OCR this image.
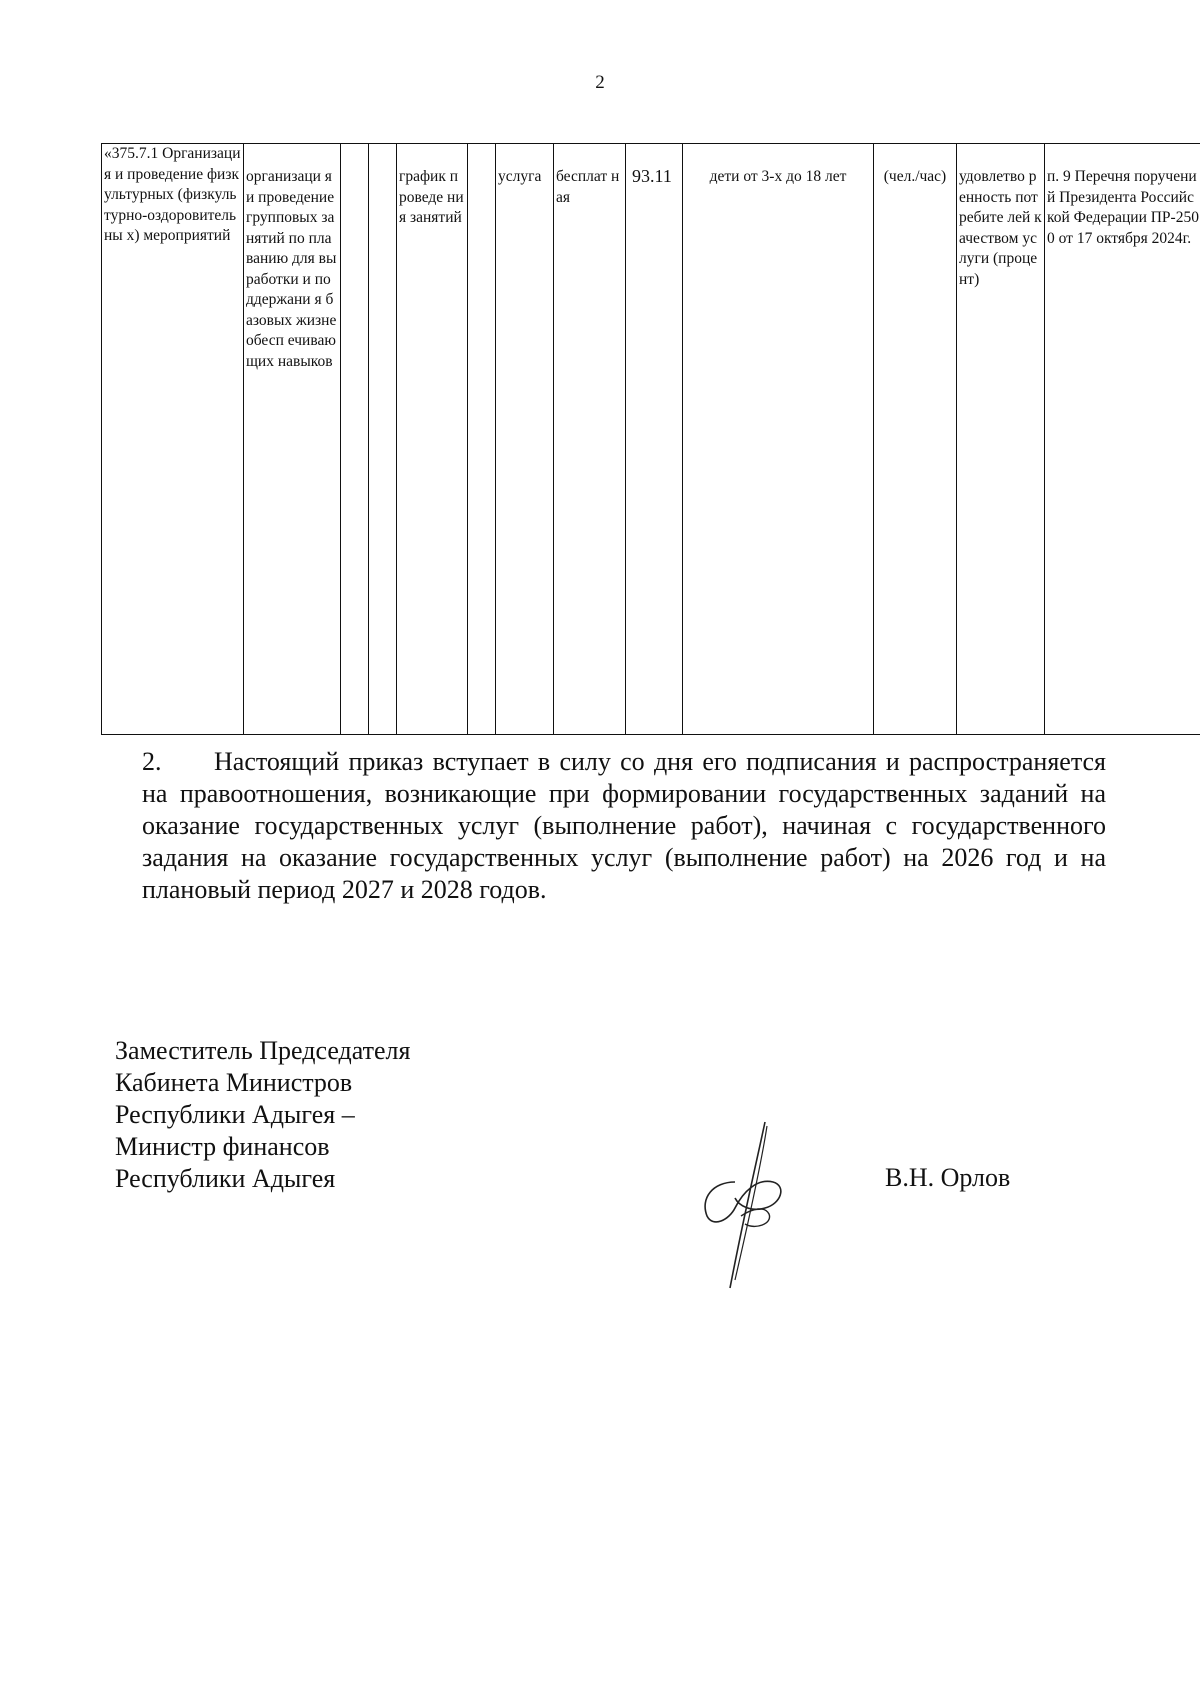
2
«375.7.1 Организация и проведение физкультурных (физкультурно-оздоровительны х) мероприятий	организаци я и проведение групповых занятий по плаванию для выработки и поддержани я базовых жизнеобесп ечивающих навыков			график проведе ния занятий		услуга	бесплат ная	93.11	дети от 3-х до 18 лет	(чел./час)	удовлетво ренность потребите лей качеством услуги (процент)	п. 9 Перечня поручений Президента Российской Федерации ПР-2500 от 17 октября 2024г.

2. Настоящий приказ вступает в силу со дня его подписания и распространяется на правоотношения, возникающие при формировании государственных заданий на оказание государственных услуг (выполнение работ), начиная с государственного задания на оказание государственных услуг (выполнение работ) на 2026 год и на плановый период 2027 и 2028 годов.

Заместитель Председателя
Кабинета Министров
Республики Адыгея –
Министр финансов
Республики Адыгея	В.Н. Орлов
